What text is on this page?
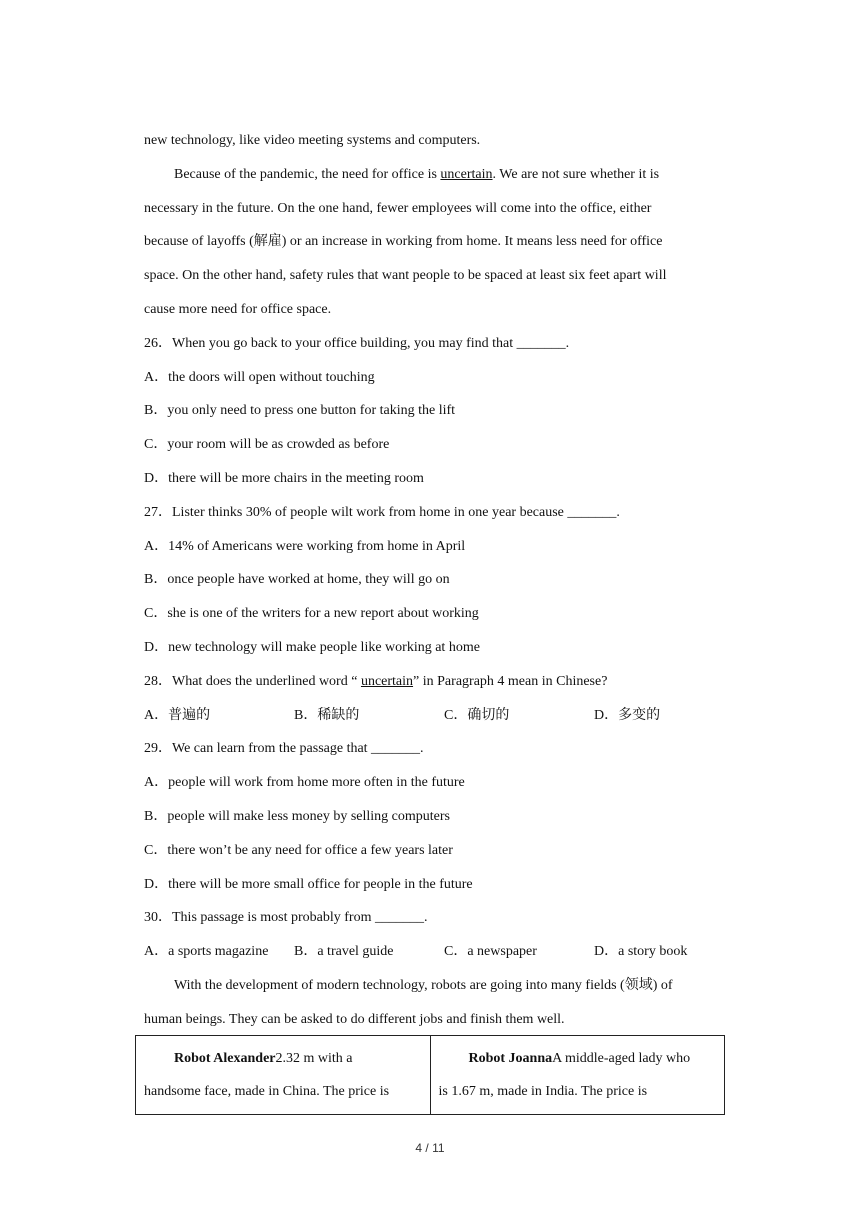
new technology, like video meeting systems and computers.
Because of the pandemic, the need for office is uncertain. We are not sure whether it is
necessary in the future. On the one hand, fewer employees will come into the office, either
because of layoffs (解雇) or an increase in working from home. It means less need for office
space. On the other hand, safety rules that want people to be spaced at least six feet apart will
cause more need for office space.
26．When you go back to your office building, you may find that _______.
A．the doors will open without touching
B．you only need to press one button for taking the lift
C．your room will be as crowded as before
D．there will be more chairs in the meeting room
27．Lister thinks 30% of people wilt work from home in one year because _______.
A．14% of Americans were working from home in April
B．once people have worked at home, they will go on
C．she is one of the writers for a new report about working
D．new technology will make people like working at home
28．What does the underlined word “ uncertain” in Paragraph 4 mean in Chinese?
A．普遍的	B．稀缺的	C．确切的	D．多变的
29．We can learn from the passage that _______.
A．people will work from home more often in the future
B．people will make less money by selling computers
C．there won’t be any need for office a few years later
D．there will be more small office for people in the future
30．This passage is most probably from _______.
A．a sports magazine B．a travel guide	C．a newspaper	D．a story book
With the development of modern technology, robots are going into many fields (领域) of
human beings. They can be asked to do different jobs and finish them well.
Robot Alexander2.32 m with a
handsome face, made in China. The price is

Robot JoannaA middle-aged lady who
is 1.67 m, made in India. The price is
4 / 11
